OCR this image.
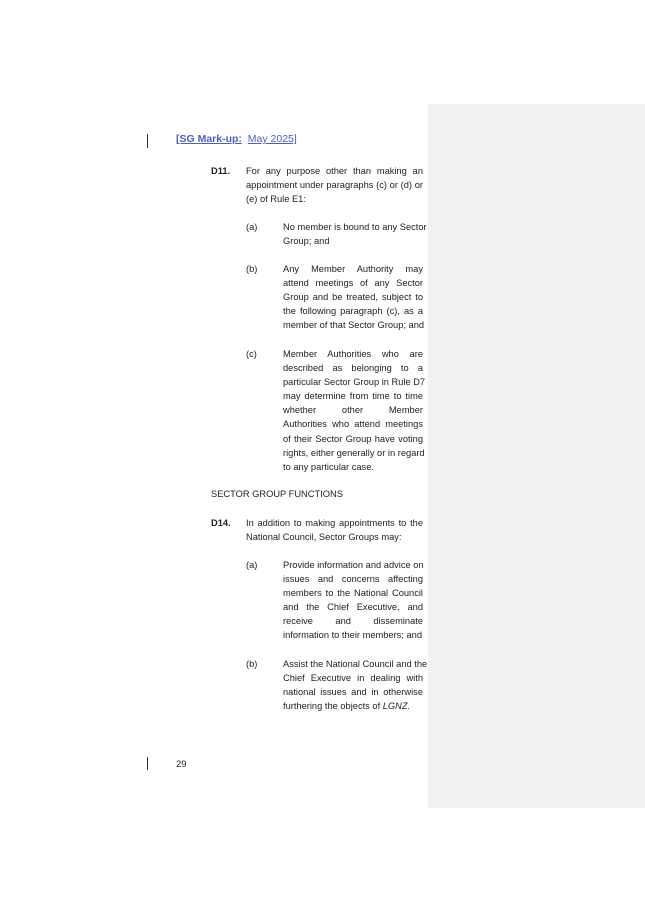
[SG Mark-up: May 2025]
D11. For any purpose other than making an
appointment under paragraphs (c) or (d) or
(e) of Rule E1:
(a)	No member is bound to any Sector
Group; and
(b)	Any Member Authority may
attend meetings of any Sector
Group and be treated, subject to
the following paragraph (c), as a
member of that Sector Group; and
(c)	Member Authorities who are
described as belonging to a
particular Sector Group in Rule D7
may determine from time to time
whether other Member
Authorities who attend meetings
of their Sector Group have voting
rights, either generally or in regard
to any particular case.
SECTOR GROUP FUNCTIONS
D14. In addition to making appointments to the
National Council, Sector Groups may:
(a)	Provide information and advice on
issues and concerns affecting
members to the National Council
and the Chief Executive, and
receive and disseminate
information to their members; and
(b)	Assist the National Council and the
Chief Executive in dealing with
national issues and in otherwise
furthering the objects of LGNZ.
29
